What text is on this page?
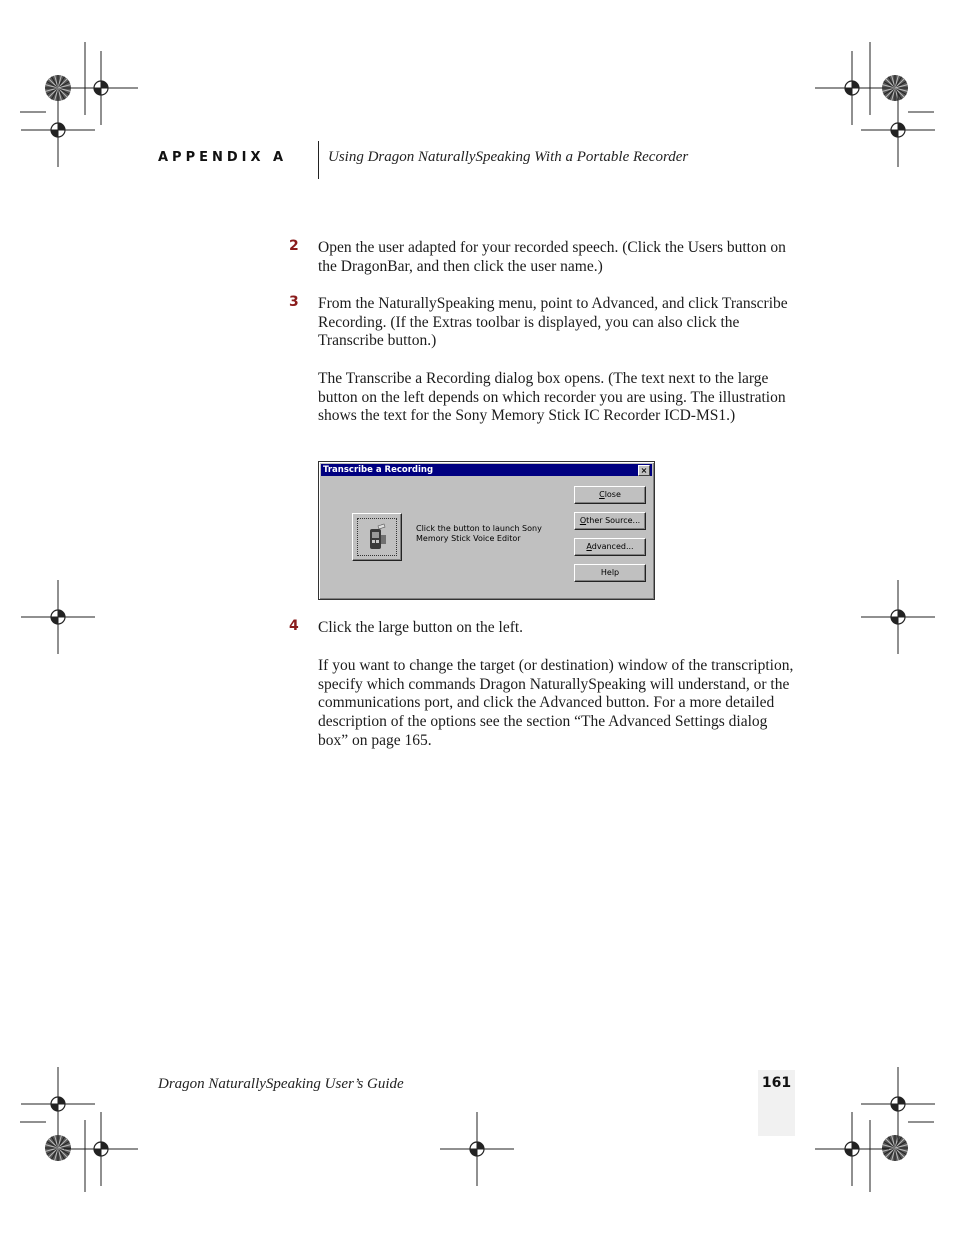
APPENDIX A	Using Dragon NaturallySpeaking With a Portable Recorder
2 Open the user adapted for your recorded speech. (Click the Users button on the DragonBar, and then click the user name.)
3 From the NaturallySpeaking menu, point to Advanced, and click Transcribe Recording. (If the Extras toolbar is displayed, you can also click the Transcribe button.)
The Transcribe a Recording dialog box opens. (The text next to the large button on the left depends on which recorder you are using. The illustration shows the text for the Sony Memory Stick IC Recorder ICD-MS1.)
Transcribe a Recording	×
Click the button to launch Sony Memory Stick Voice Editor
Close
Other Source...
Advanced...
Help
4 Click the large button on the left.
If you want to change the target (or destination) window of the transcription, specify which commands Dragon NaturallySpeaking will understand, or the communications port, and click the Advanced button. For a more detailed description of the options see the section “The Advanced Settings dialog box” on page 165.
Dragon NaturallySpeaking User’s Guide	161
